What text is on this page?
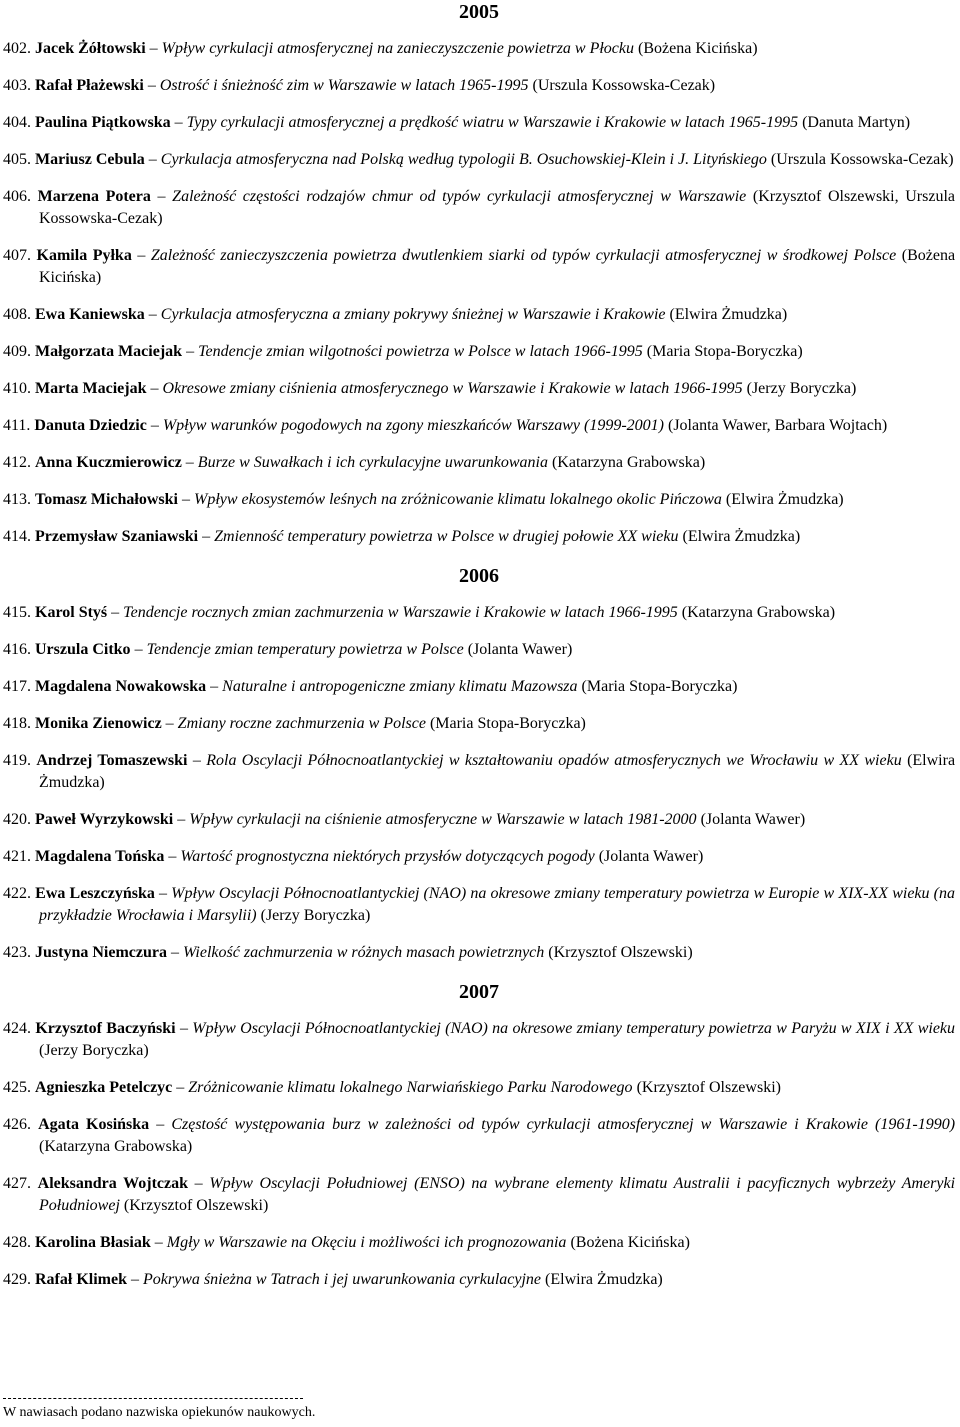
2005

402. Jacek Żółtowski – Wpływ cyrkulacji atmosferycznej na zanieczyszczenie powietrza w Płocku (Bożena Kicińska)

403. Rafał Płażewski – Ostrość i śnieżność zim w Warszawie w latach 1965-1995 (Urszula Kossowska-Cezak)

404. Paulina Piątkowska – Typy cyrkulacji atmosferycznej a prędkość wiatru w Warszawie i Krakowie w latach 1965-1995 (Danuta Martyn)

405. Mariusz Cebula – Cyrkulacja atmosferyczna nad Polską według typologii B. Osuchowskiej-Klein i J. Lityńskiego (Urszula Kossowska-Cezak)

406. Marzena Potera – Zależność częstości rodzajów chmur od typów cyrkulacji atmosferycznej w Warszawie (Krzysztof Olszewski, Urszula Kossowska-Cezak)

407. Kamila Pyłka – Zależność zanieczyszczenia powietrza dwutlenkiem siarki od typów cyrkulacji atmosferycznej w środkowej Polsce (Bożena Kicińska)

408. Ewa Kaniewska – Cyrkulacja atmosferyczna a zmiany pokrywy śnieżnej w Warszawie i Krakowie (Elwira Żmudzka)

409. Małgorzata Maciejak – Tendencje zmian wilgotności powietrza w Polsce w latach 1966-1995 (Maria Stopa-Boryczka)

410. Marta Maciejak – Okresowe zmiany ciśnienia atmosferycznego w Warszawie i Krakowie w latach 1966-1995 (Jerzy Boryczka)

411. Danuta Dziedzic – Wpływ warunków pogodowych na zgony mieszkańców Warszawy (1999-2001) (Jolanta Wawer, Barbara Wojtach)

412. Anna Kuczmierowicz – Burze w Suwałkach i ich cyrkulacyjne uwarunkowania (Katarzyna Grabowska)

413. Tomasz Michałowski – Wpływ ekosystemów leśnych na zróżnicowanie klimatu lokalnego okolic Pińczowa (Elwira Żmudzka)

414. Przemysław Szaniawski – Zmienność temperatury powietrza w Polsce w drugiej połowie XX wieku (Elwira Żmudzka)

2006

415. Karol Styś – Tendencje rocznych zmian zachmurzenia w Warszawie i Krakowie w latach 1966-1995 (Katarzyna Grabowska)

416. Urszula Citko – Tendencje zmian temperatury powietrza w Polsce (Jolanta Wawer)

417. Magdalena Nowakowska – Naturalne i antropogeniczne zmiany klimatu Mazowsza (Maria Stopa-Boryczka)

418. Monika Zienowicz – Zmiany roczne zachmurzenia w Polsce (Maria Stopa-Boryczka)

419. Andrzej Tomaszewski – Rola Oscylacji Północnoatlantyckiej w kształtowaniu opadów atmosferycznych we Wrocławiu w XX wieku (Elwira Żmudzka)

420. Paweł Wyrzykowski – Wpływ cyrkulacji na ciśnienie atmosferyczne w Warszawie w latach 1981-2000 (Jolanta Wawer)

421. Magdalena Tońska – Wartość prognostyczna niektórych przysłów dotyczących pogody (Jolanta Wawer)

422. Ewa Leszczyńska – Wpływ Oscylacji Północnoatlantyckiej (NAO) na okresowe zmiany temperatury powietrza w Europie w XIX-XX wieku (na przykładzie Wrocławia i Marsylii) (Jerzy Boryczka)

423. Justyna Niemczura – Wielkość zachmurzenia w różnych masach powietrznych (Krzysztof Olszewski)

2007

424. Krzysztof Baczyński – Wpływ Oscylacji Północnoatlantyckiej (NAO) na okresowe zmiany temperatury powietrza w Paryżu w XIX i XX wieku (Jerzy Boryczka)

425. Agnieszka Petelczyc – Zróżnicowanie klimatu lokalnego Narwiańskiego Parku Narodowego (Krzysztof Olszewski)

426. Agata Kosińska – Częstość występowania burz w zależności od typów cyrkulacji atmosferycznej w Warszawie i Krakowie (1961-1990) (Katarzyna Grabowska)

427. Aleksandra Wojtczak – Wpływ Oscylacji Południowej (ENSO) na wybrane elementy klimatu Australii i pacyficznych wybrzeży Ameryki Południowej (Krzysztof Olszewski)

428. Karolina Błasiak – Mgły w Warszawie na Okęciu i możliwości ich prognozowania (Bożena Kicińska)

429. Rafał Klimek – Pokrywa śnieżna w Tatrach i jej uwarunkowania cyrkulacyjne (Elwira Żmudzka)

W nawiasach podano nazwiska opiekunów naukowych.
